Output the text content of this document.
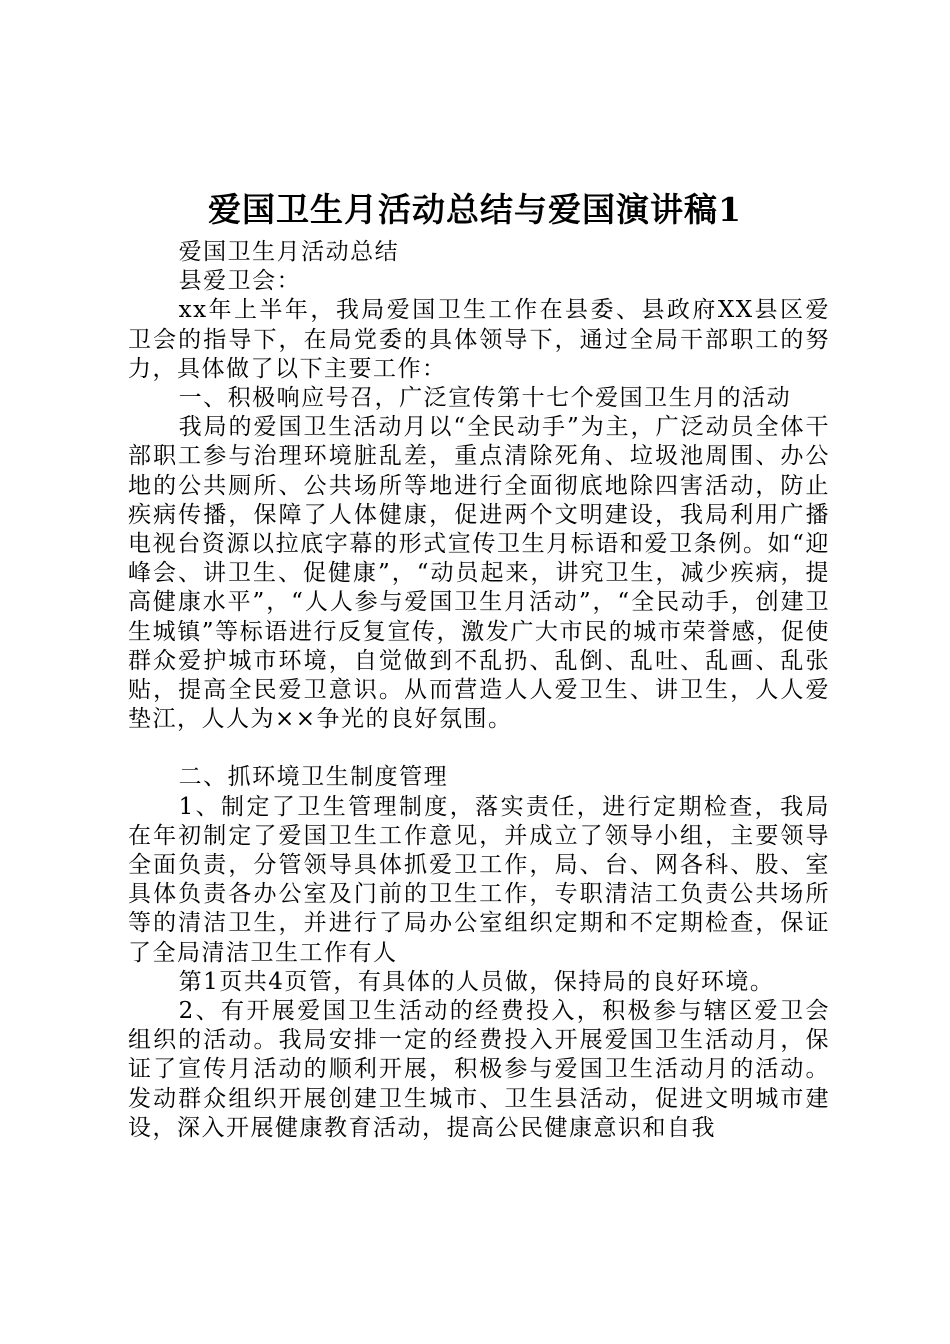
爱国卫生月活动总结与爱国演讲稿1

爱国卫生月活动总结

县爱卫会：

xx年上半年，我局爱国卫生工作在县委、县政府XX县区爱卫会的指导下，在局党委的具体领导下，通过全局干部职工的努力，具体做了以下主要工作：

一、积极响应号召，广泛宣传第十七个爱国卫生月的活动

我局的爱国卫生活动月以“全民动手”为主，广泛动员全体干部职工参与治理环境脏乱差，重点清除死角、垃圾池周围、办公地的公共厕所、公共场所等地进行全面彻底地除四害活动，防止疾病传播，保障了人体健康，促进两个文明建设，我局利用广播电视台资源以拉底字幕的形式宣传卫生月标语和爱卫条例。如“迎峰会、讲卫生、促健康”，“动员起来，讲究卫生，减少疾病，提高健康水平”，“人人参与爱国卫生月活动”，“全民动手，创建卫生城镇”等标语进行反复宣传，激发广大市民的城市荣誉感，促使群众爱护城市环境，自觉做到不乱扔、乱倒、乱吐、乱画、乱张贴，提高全民爱卫意识。从而营造人人爱卫生、讲卫生，人人爱垫江，人人为××争光的良好氛围。

二、抓环境卫生制度管理

1、制定了卫生管理制度，落实责任，进行定期检查，我局在年初制定了爱国卫生工作意见，并成立了领导小组，主要领导全面负责，分管领导具体抓爱卫工作，局、台、网各科、股、室具体负责各办公室及门前的卫生工作，专职清洁工负责公共场所等的清洁卫生，并进行了局办公室组织定期和不定期检查，保证了全局清洁卫生工作有人

第1页共4页管，有具体的人员做，保持局的良好环境。

2、有开展爱国卫生活动的经费投入，积极参与辖区爱卫会组织的活动。我局安排一定的经费投入开展爱国卫生活动月，保证了宣传月活动的顺利开展，积极参与爱国卫生活动月的活动。发动群众组织开展创建卫生城市、卫生县活动，促进文明城市建设，深入开展健康教育活动，提高公民健康意识和自我
